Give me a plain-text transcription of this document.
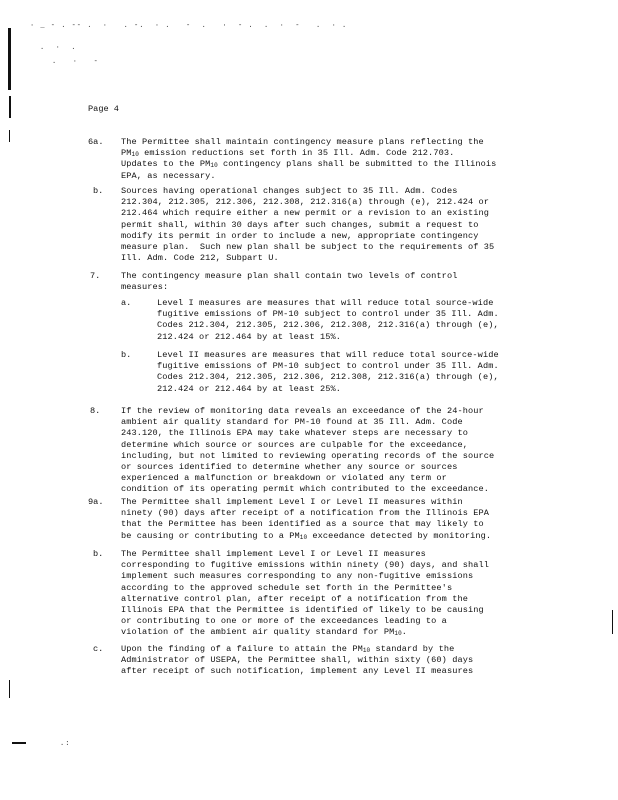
· _ - . -- .  ·   . -.  · .   -  .   ·  - .  .  ·  -   .  · .
.  ·  .
.   ·   -
.:
Page 4
6a. The Permittee shall maintain contingency measure plans reflecting the
PM10 emission reductions set forth in 35 Ill. Adm. Code 212.703.
Updates to the PM10 contingency plans shall be submitted to the Illinois
EPA, as necessary.
b. Sources having operational changes subject to 35 Ill. Adm. Codes
212.304, 212.305, 212.306, 212.308, 212.316(a) through (e), 212.424 or
212.464 which require either a new permit or a revision to an existing
permit shall, within 30 days after such changes, submit a request to
modify its permit in order to include a new, appropriate contingency
measure plan.  Such new plan shall be subject to the requirements of 35
Ill. Adm. Code 212, Subpart U.
7. The contingency measure plan shall contain two levels of control
measures:
a.	Level I measures are measures that will reduce total source-wide
fugitive emissions of PM-10 subject to control under 35 Ill. Adm.
Codes 212.304, 212.305, 212.306, 212.308, 212.316(a) through (e),
212.424 or 212.464 by at least 15%.
b.	Level II measures are measures that will reduce total source-wide
fugitive emissions of PM-10 subject to control under 35 Ill. Adm.
Codes 212.304, 212.305, 212.306, 212.308, 212.316(a) through (e),
212.424 or 212.464 by at least 25%.
8. If the review of monitoring data reveals an exceedance of the 24-hour
ambient air quality standard for PM-10 found at 35 Ill. Adm. Code
243.120, the Illinois EPA may take whatever steps are necessary to
determine which source or sources are culpable for the exceedance,
including, but not limited to reviewing operating records of the source
or sources identified to determine whether any source or sources
experienced a malfunction or breakdown or violated any term or
condition of its operating permit which contributed to the exceedance.
9a. The Permittee shall implement Level I or Level II measures within
ninety (90) days after receipt of a notification from the Illinois EPA
that the Permittee has been identified as a source that may likely to
be causing or contributing to a PM10 exceedance detected by monitoring.
b. The Permittee shall implement Level I or Level II measures
corresponding to fugitive emissions within ninety (90) days, and shall
implement such measures corresponding to any non-fugitive emissions
according to the approved schedule set forth in the Permittee's
alternative control plan, after receipt of a notification from the
Illinois EPA that the Permittee is identified of likely to be causing
or contributing to one or more of the exceedances leading to a
violation of the ambient air quality standard for PM10.
c. Upon the finding of a failure to attain the PM10 standard by the
Administrator of USEPA, the Permittee shall, within sixty (60) days
after receipt of such notification, implement any Level II measures
